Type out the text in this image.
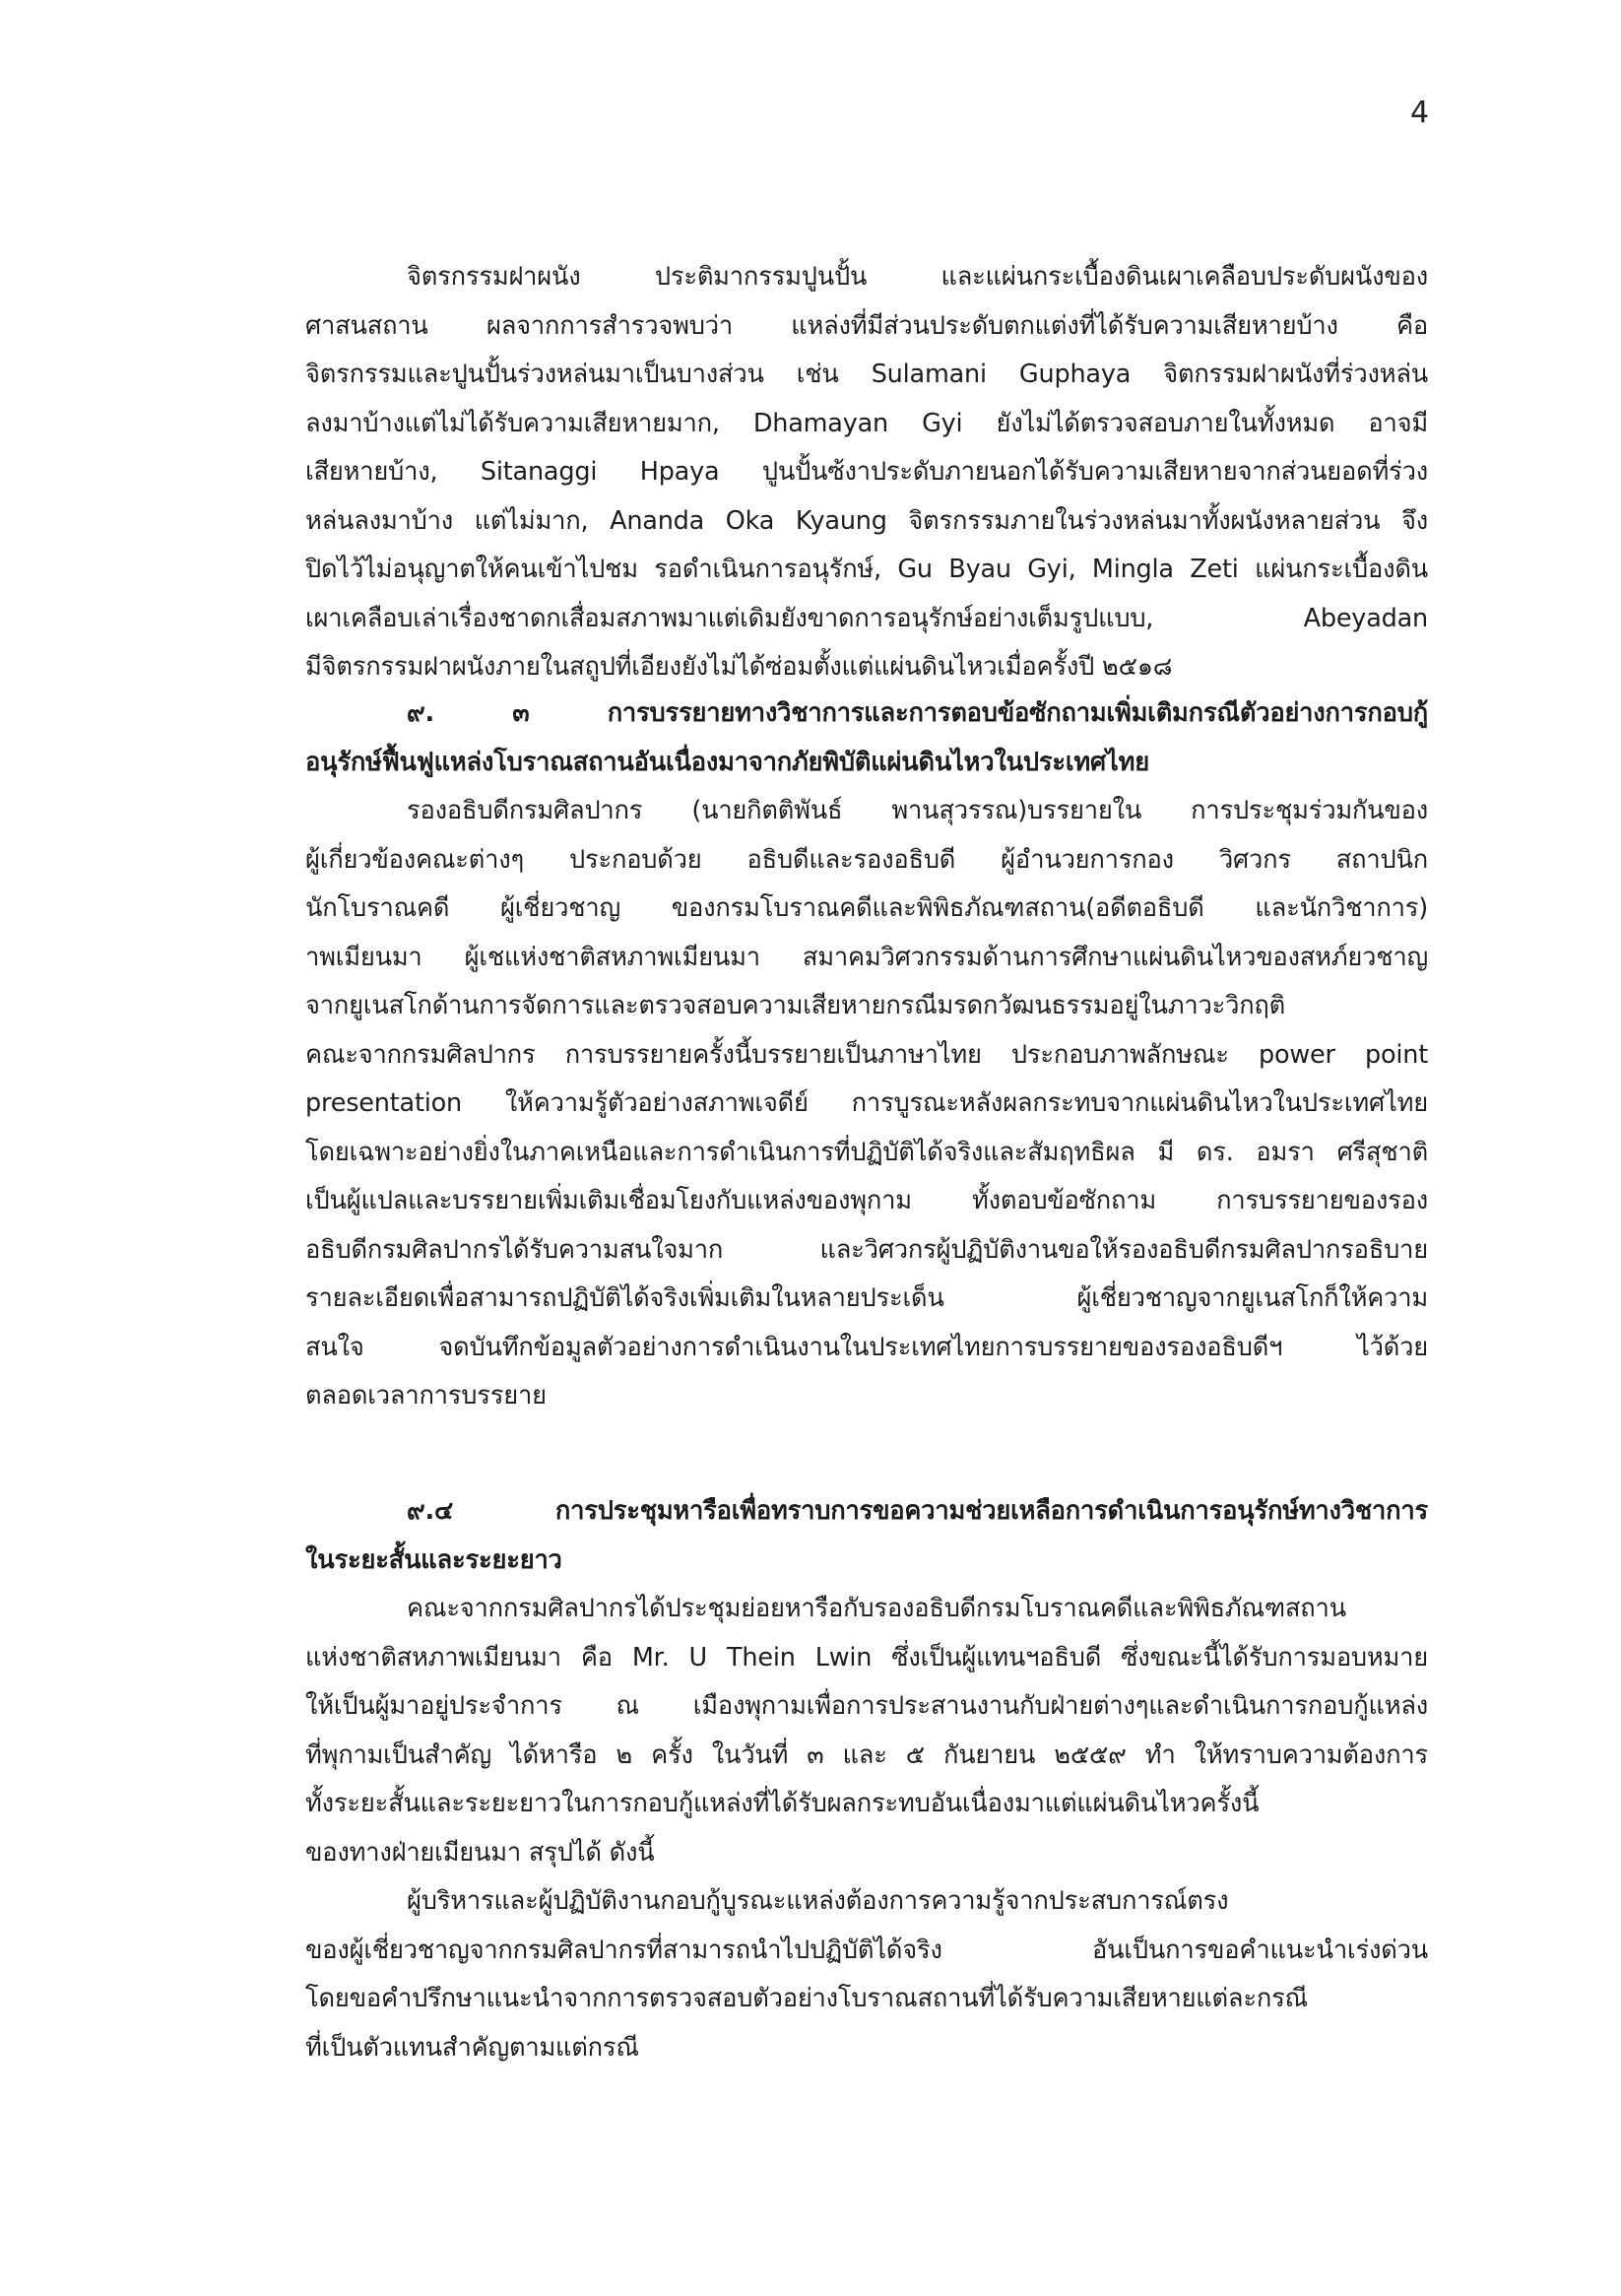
4
จิตรกรรมฝาผนัง ประติมากรรมปูนปั้น และแผ่นกระเบื้องดินเผาเคลือบประดับผนังของ
ศาสนสถาน ผลจากการสำรวจพบว่า แหล่งที่มีส่วนประดับตกแต่งที่ได้รับความเสียหายบ้าง คือ
จิตรกรรมและปูนปั้นร่วงหล่นมาเป็นบางส่วน เช่น Sulamani Guphaya จิตกรรมฝาผนังที่ร่วงหล่น
ลงมาบ้างแต่ไม่ได้รับความเสียหายมาก, Dhamayan Gyi ยังไม่ได้ตรวจสอบภายในทั้งหมด อาจมี
เสียหายบ้าง, Sitanaggi Hpaya ปูนปั้นซ้งาประดับภายนอกได้รับความเสียหายจากส่วนยอดที่ร่วง
หล่นลงมาบ้าง แต่ไม่มาก, Ananda Oka Kyaung จิตรกรรมภายในร่วงหล่นมาทั้งผนังหลายส่วน จึง
ปิดไว้ไม่อนุญาตให้คนเข้าไปชม รอดำเนินการอนุรักษ์, Gu Byau Gyi, Mingla Zeti แผ่นกระเบื้องดิน
เผาเคลือบเล่าเรื่องชาดกเสื่อมสภาพมาแต่เดิมยังขาดการอนุรักษ์อย่างเต็มรูปแบบ, Abeyadan
มีจิตรกรรมฝาผนังภายในสถูปที่เอียงยังไม่ได้ซ่อมตั้งแต่แผ่นดินไหวเมื่อครั้งปี ๒๕๑๘
๙. ๓ การบรรยายทางวิชาการและการตอบข้อซักถามเพิ่มเติมกรณีตัวอย่างการกอบกู้
อนุรักษ์ฟื้นฟูแหล่งโบราณสถานอันเนื่องมาจากภัยพิบัติแผ่นดินไหวในประเทศไทย
รองอธิบดีกรมศิลปากร (นายกิตติพันธ์ พานสุวรรณ)บรรยายใน การประชุมร่วมกันของ
ผู้เกี่ยวข้องคณะต่างๆ ประกอบด้วย อธิบดีและรองอธิบดี ผู้อำนวยการกอง วิศวกร สถาปนิก
นักโบราณคดี ผู้เชี่ยวชาญ ของกรมโบราณคดีและพิพิธภัณฑสถาน(อดีตอธิบดี และนักวิชาการ)
าพเมียนมา ผู้เชแห่งชาติสหภาพเมียนมา สมาคมวิศวกรรมด้านการศึกษาแผ่นดินไหวของสหภ์ยวชาญ
จากยูเนสโกด้านการจัดการและตรวจสอบความเสียหายกรณีมรดกวัฒนธรรมอยู่ในภาวะวิกฤติ
คณะจากกรมศิลปากร การบรรยายครั้งนี้บรรยายเป็นภาษาไทย ประกอบภาพลักษณะ power point
presentation ให้ความรู้ตัวอย่างสภาพเจดีย์ การบูรณะหลังผลกระทบจากแผ่นดินไหวในประเทศไทย
โดยเฉพาะอย่างยิ่งในภาคเหนือและการดำเนินการที่ปฏิบัติได้จริงและสัมฤทธิผล มี ดร. อมรา ศรีสุชาติ
เป็นผู้แปลและบรรยายเพิ่มเติมเชื่อมโยงกับแหล่งของพุกาม ทั้งตอบข้อซักถาม การบรรยายของรอง
อธิบดีกรมศิลปากรได้รับความสนใจมาก และวิศวกรผู้ปฏิบัติงานขอให้รองอธิบดีกรมศิลปากรอธิบาย
รายละเอียดเพื่อสามารถปฏิบัติได้จริงเพิ่มเติมในหลายประเด็น ผู้เชี่ยวชาญจากยูเนสโกก็ให้ความ
สนใจ จดบันทึกข้อมูลตัวอย่างการดำเนินงานในประเทศไทยการบรรยายของรองอธิบดีฯ ไว้ด้วย
ตลอดเวลาการบรรยาย
๙.๔ การประชุมหารือเพื่อทราบการขอความช่วยเหลือการดำเนินการอนุรักษ์ทางวิชาการ
ในระยะสั้นและระยะยาว
คณะจากกรมศิลปากรได้ประชุมย่อยหารือกับรองอธิบดีกรมโบราณคดีและพิพิธภัณฑสถาน
แห่งชาติสหภาพเมียนมา คือ Mr. U Thein Lwin ซึ่งเป็นผู้แทนฯอธิบดี ซึ่งขณะนี้ได้รับการมอบหมาย
ให้เป็นผู้มาอยู่ประจำการ ณ เมืองพุกามเพื่อการประสานงานกับฝ่ายต่างๆและดำเนินการกอบกู้แหล่ง
ที่พุกามเป็นสำคัญ ได้หารือ ๒ ครั้ง ในวันที่ ๓ และ ๕ กันยายน ๒๕๕๙ ทำ ให้ทราบความต้องการ
ทั้งระยะสั้นและระยะยาวในการกอบกู้แหล่งที่ได้รับผลกระทบอันเนื่องมาแต่แผ่นดินไหวครั้งนี้
ของทางฝ่ายเมียนมา สรุปได้ ดังนี้
ผู้บริหารและผู้ปฏิบัติงานกอบกู้บูรณะแหล่งต้องการความรู้จากประสบการณ์ตรง
ของผู้เชี่ยวชาญจากกรมศิลปากรที่สามารถนำไปปฏิบัติได้จริง อันเป็นการขอคำแนะนำเร่งด่วน
โดยขอคำปรึกษาแนะนำจากการตรวจสอบตัวอย่างโบราณสถานที่ได้รับความเสียหายแต่ละกรณี
ที่เป็นตัวแทนสำคัญตามแต่กรณี
